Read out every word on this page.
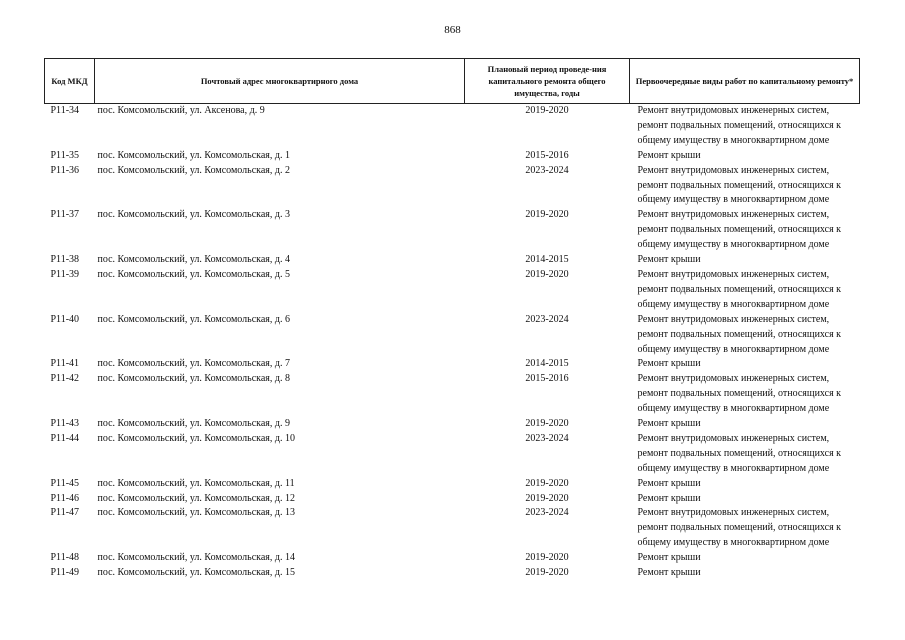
868
Код МКД	Почтовый адрес многоквартирного дома	Плановый период проведе-ния капитального ремонта общего имущества, годы	Первоочередные виды работ по капитальному ремонту*
Р11-34	пос. Комсомольский, ул. Аксенова, д. 9	2019-2020	Ремонт внутридомовых инженерных систем, ремонт подвальных помещений, относящихся к общему имуществу в многоквартирном доме
Р11-35	пос. Комсомольский, ул. Комсомольская, д. 1	2015-2016	Ремонт крыши
Р11-36	пос. Комсомольский, ул. Комсомольская, д. 2	2023-2024	Ремонт внутридомовых инженерных систем, ремонт подвальных помещений, относящихся к общему имуществу в многоквартирном доме
Р11-37	пос. Комсомольский, ул. Комсомольская, д. 3	2019-2020	Ремонт внутридомовых инженерных систем, ремонт подвальных помещений, относящихся к общему имуществу в многоквартирном доме
Р11-38	пос. Комсомольский, ул. Комсомольская, д. 4	2014-2015	Ремонт крыши
Р11-39	пос. Комсомольский, ул. Комсомольская, д. 5	2019-2020	Ремонт внутридомовых инженерных систем, ремонт подвальных помещений, относящихся к общему имуществу в многоквартирном доме
Р11-40	пос. Комсомольский, ул. Комсомольская, д. 6	2023-2024	Ремонт внутридомовых инженерных систем, ремонт подвальных помещений, относящихся к общему имуществу в многоквартирном доме
Р11-41	пос. Комсомольский, ул. Комсомольская, д. 7	2014-2015	Ремонт крыши
Р11-42	пос. Комсомольский, ул. Комсомольская, д. 8	2015-2016	Ремонт внутридомовых инженерных систем, ремонт подвальных помещений, относящихся к общему имуществу в многоквартирном доме
Р11-43	пос. Комсомольский, ул. Комсомольская, д. 9	2019-2020	Ремонт крыши
Р11-44	пос. Комсомольский, ул. Комсомольская, д. 10	2023-2024	Ремонт внутридомовых инженерных систем, ремонт подвальных помещений, относящихся к общему имуществу в многоквартирном доме
Р11-45	пос. Комсомольский, ул. Комсомольская, д. 11	2019-2020	Ремонт крыши
Р11-46	пос. Комсомольский, ул. Комсомольская, д. 12	2019-2020	Ремонт крыши
Р11-47	пос. Комсомольский, ул. Комсомольская, д. 13	2023-2024	Ремонт внутридомовых инженерных систем, ремонт подвальных помещений, относящихся к общему имуществу в многоквартирном доме
Р11-48	пос. Комсомольский, ул. Комсомольская, д. 14	2019-2020	Ремонт крыши
Р11-49	пос. Комсомольский, ул. Комсомольская, д. 15	2019-2020	Ремонт крыши
